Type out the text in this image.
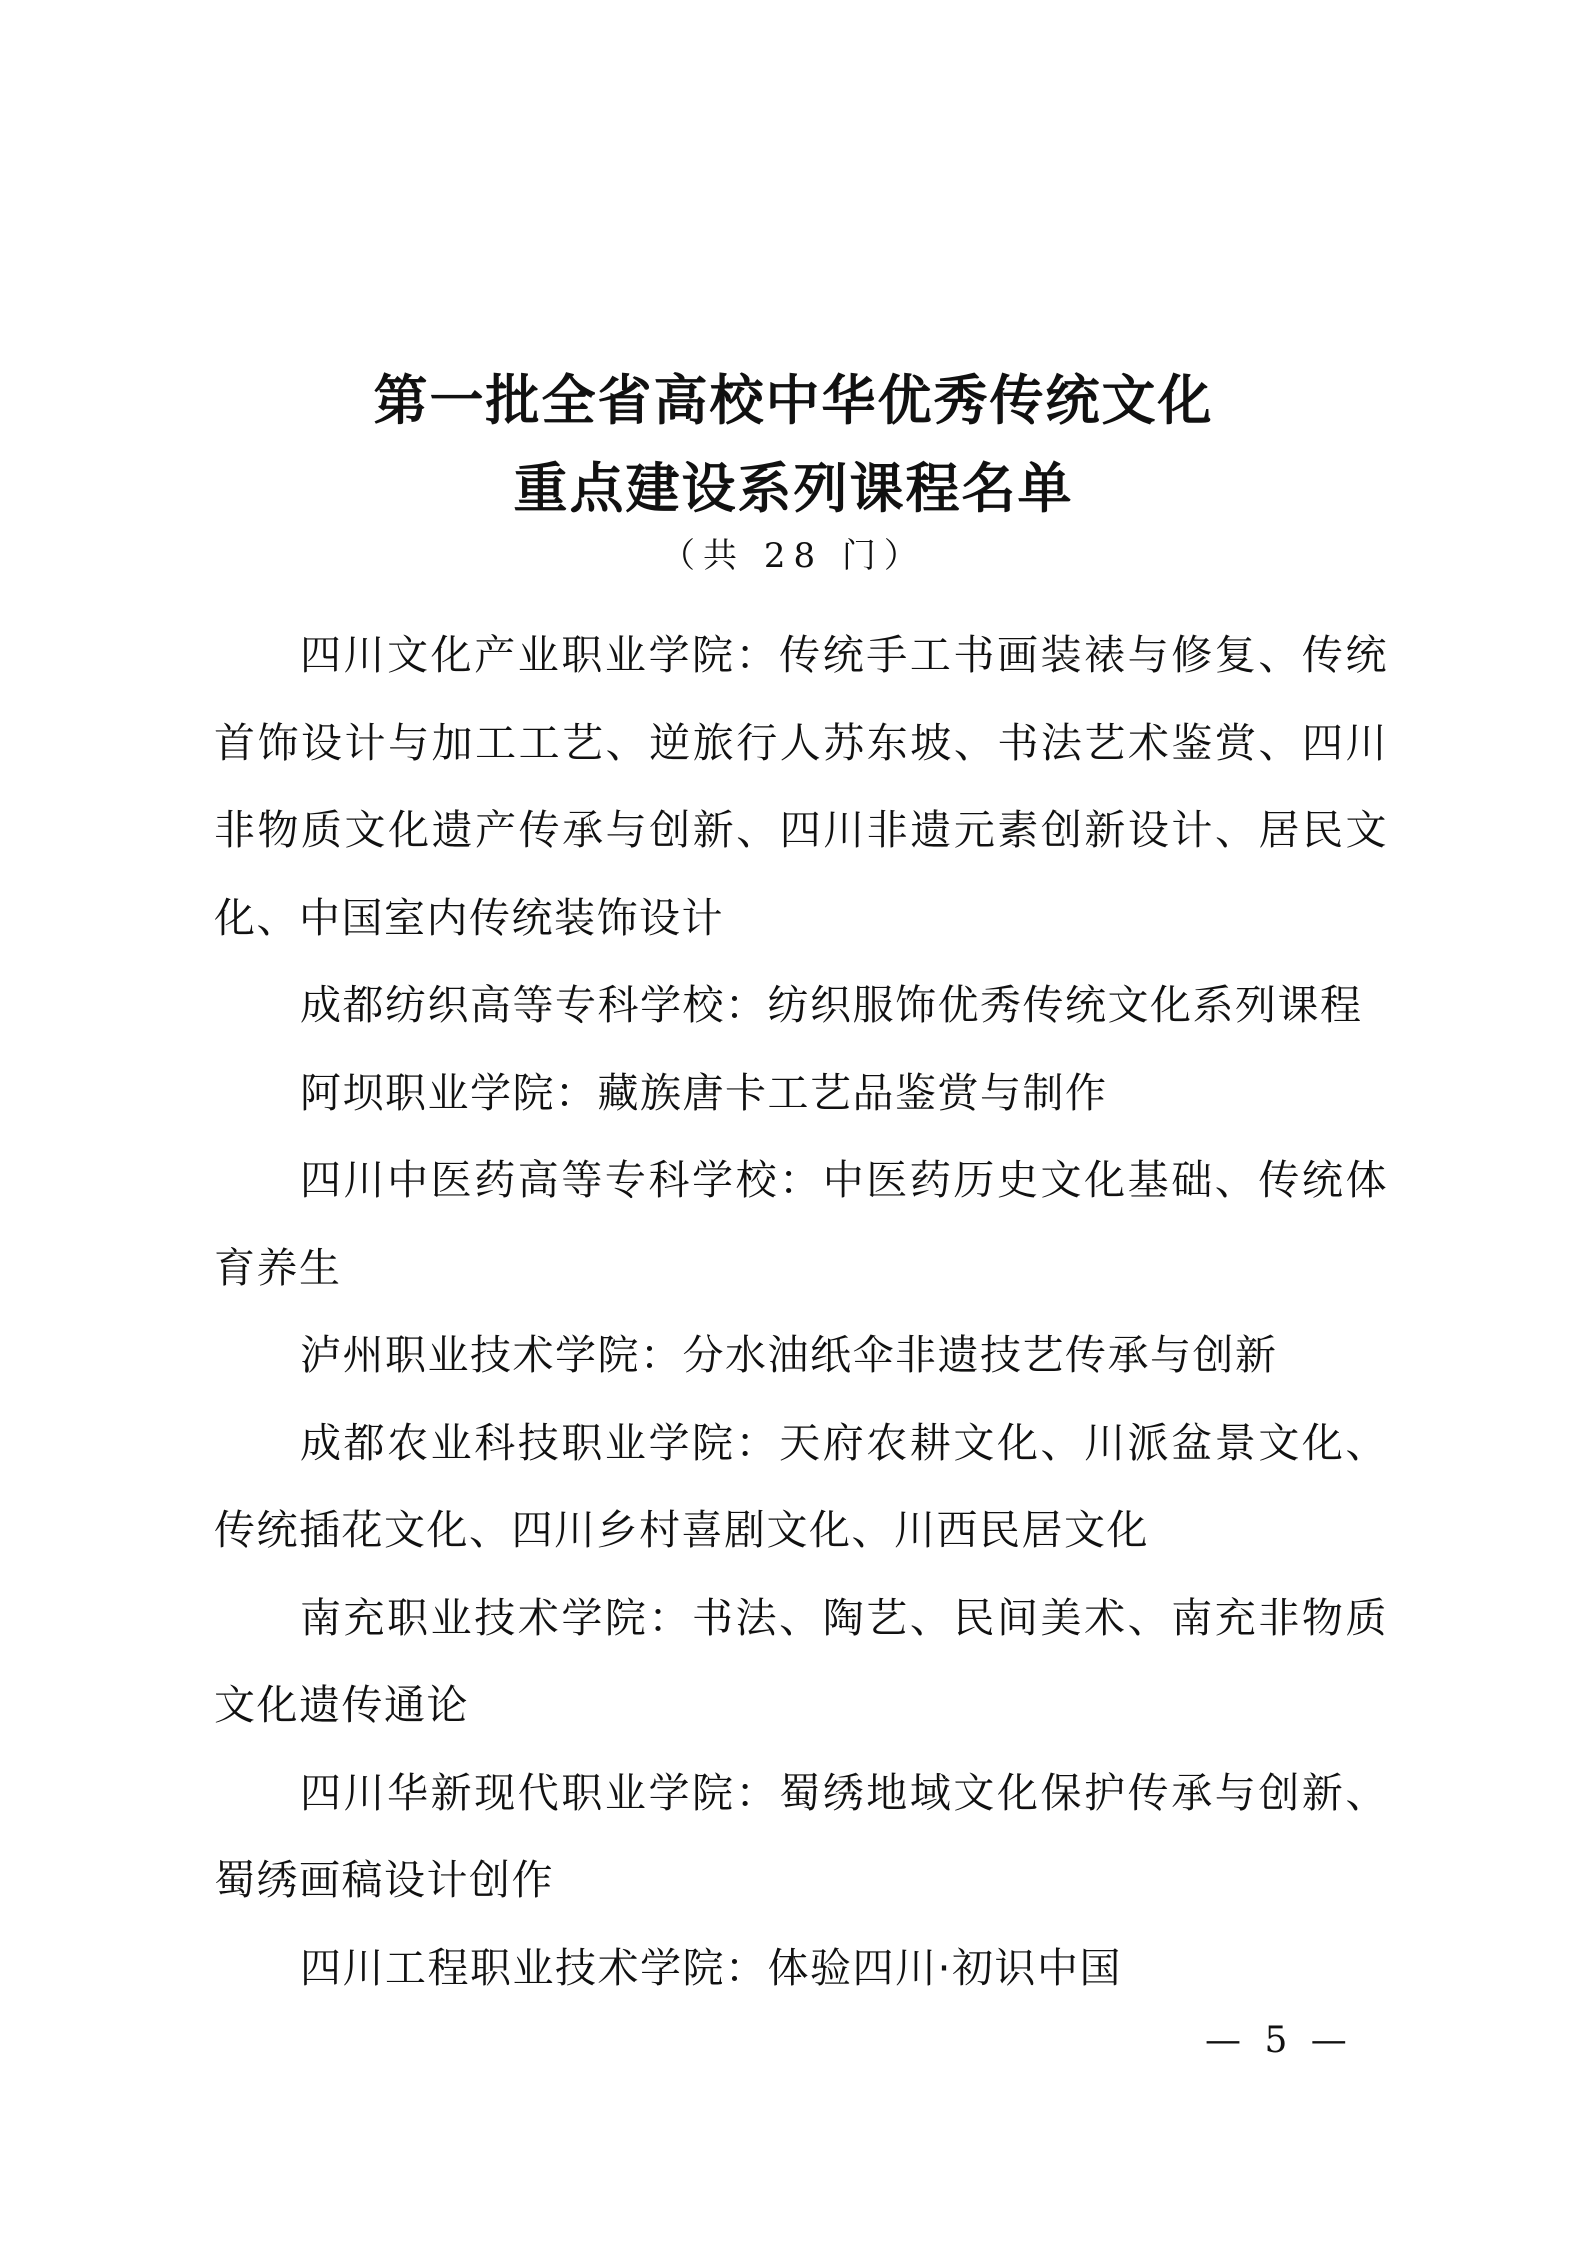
第一批全省高校中华优秀传统文化
重点建设系列课程名单

（共 28 门）

四川文化产业职业学院：传统手工书画装裱与修复、传统首饰设计与加工工艺、逆旅行人苏东坡、书法艺术鉴赏、四川非物质文化遗产传承与创新、四川非遗元素创新设计、居民文化、中国室内传统装饰设计

成都纺织高等专科学校：纺织服饰优秀传统文化系列课程

阿坝职业学院：藏族唐卡工艺品鉴赏与制作

四川中医药高等专科学校：中医药历史文化基础、传统体育养生

泸州职业技术学院：分水油纸伞非遗技艺传承与创新

成都农业科技职业学院：天府农耕文化、川派盆景文化、传统插花文化、四川乡村喜剧文化、川西民居文化

南充职业技术学院：书法、陶艺、民间美术、南充非物质文化遗传通论

四川华新现代职业学院：蜀绣地域文化保护传承与创新、蜀绣画稿设计创作

四川工程职业技术学院：体验四川·初识中国

— 5 —
